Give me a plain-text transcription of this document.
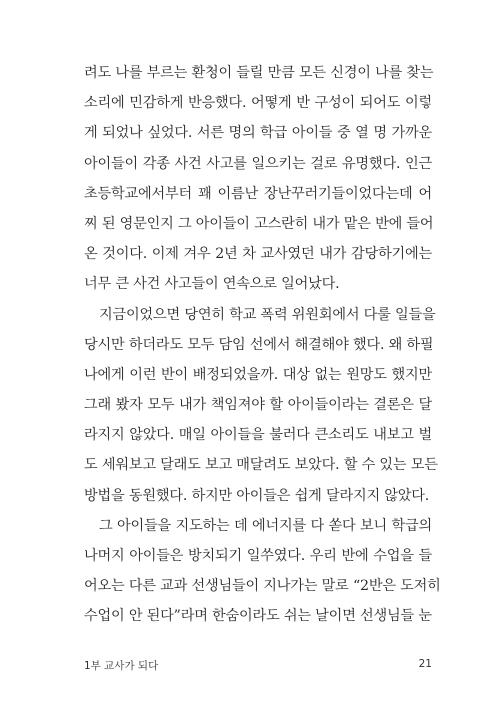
려도 나를 부르는 환청이 들릴 만큼 모든 신경이 나를 찾는
소리에 민감하게 반응했다. 어떻게 반 구성이 되어도 이렇
게 되었나 싶었다. 서른 명의 학급 아이들 중 열 명 가까운
아이들이 각종 사건 사고를 일으키는 걸로 유명했다. 인근
초등학교에서부터 꽤 이름난 장난꾸러기들이었다는데 어
찌 된 영문인지 그 아이들이 고스란히 내가 맡은 반에 들어
온 것이다. 이제 겨우 2년 차 교사였던 내가 감당하기에는
너무 큰 사건 사고들이 연속으로 일어났다.
지금이었으면 당연히 학교 폭력 위원회에서 다룰 일들을
당시만 하더라도 모두 담임 선에서 해결해야 했다. 왜 하필
나에게 이런 반이 배정되었을까. 대상 없는 원망도 했지만
그래 봤자 모두 내가 책임져야 할 아이들이라는 결론은 달
라지지 않았다. 매일 아이들을 불러다 큰소리도 내보고 벌
도 세워보고 달래도 보고 매달려도 보았다. 할 수 있는 모든
방법을 동원했다. 하지만 아이들은 쉽게 달라지지 않았다.
그 아이들을 지도하는 데 에너지를 다 쏟다 보니 학급의
나머지 아이들은 방치되기 일쑤였다. 우리 반에 수업을 들
어오는 다른 교과 선생님들이 지나가는 말로 “2반은 도저히
수업이 안 된다”라며 한숨이라도 쉬는 날이면 선생님들 눈
1부 교사가 되다	21
